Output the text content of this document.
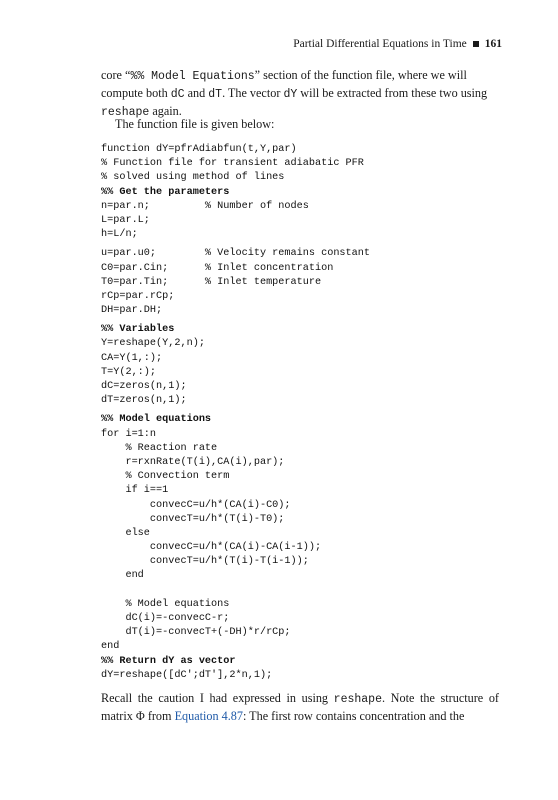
Partial Differential Equations in Time 161
core “%% Model Equations” section of the function file, where we will compute both dC and dT. The vector dY will be extracted from these two using reshape again.
The function file is given below:
function dY=pfrAdiabfun(t,Y,par)
% Function file for transient adiabatic PFR
% solved using method of lines
%% Get the parameters
n=par.n;         % Number of nodes
L=par.L;
h=L/n;
u=par.u0;        % Velocity remains constant
C0=par.Cin;      % Inlet concentration
T0=par.Tin;      % Inlet temperature
rCp=par.rCp;
DH=par.DH;
%% Variables
Y=reshape(Y,2,n);
CA=Y(1,:);
T=Y(2,:);
dC=zeros(n,1);
dT=zeros(n,1);
%% Model equations
for i=1:n
% Reaction rate
r=rxnRate(T(i),CA(i),par);
% Convection term
if i==1
convecC=u/h*(CA(i)-C0);
convecT=u/h*(T(i)-T0);
else
convecC=u/h*(CA(i)-CA(i-1));
convecT=u/h*(T(i)-T(i-1));
end
% Model equations
dC(i)=-convecC-r;
dT(i)=-convecT+(-DH)*r/rCp;
end
%% Return dY as vector
dY=reshape([dC';dT'],2*n,1);
Recall the caution I had expressed in using reshape. Note the structure of matrix Φ from Equation 4.87: The first row contains concentration and the
